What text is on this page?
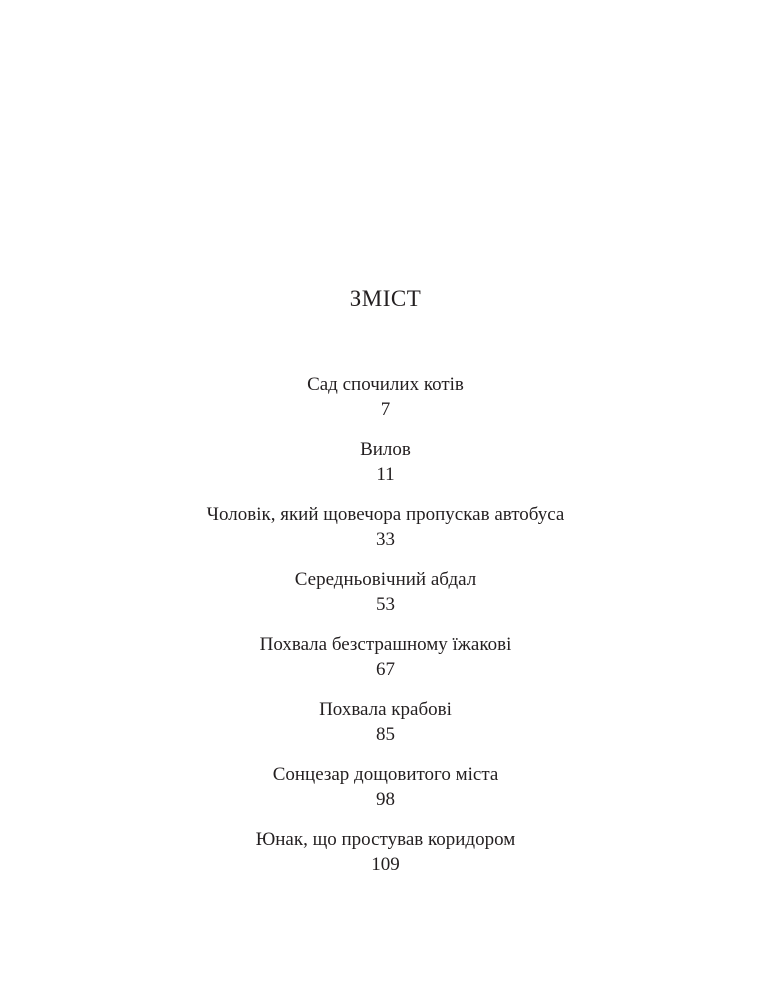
ЗМІСТ
Сад спочилих котів
7
Вилов
11
Чоловік, який щовечора пропускав автобуса
33
Середньовічний абдал
53
Похвала безстрашному їжакові
67
Похвала крабові
85
Сонцезар дощовитого міста
98
Юнак, що простував коридором
109
